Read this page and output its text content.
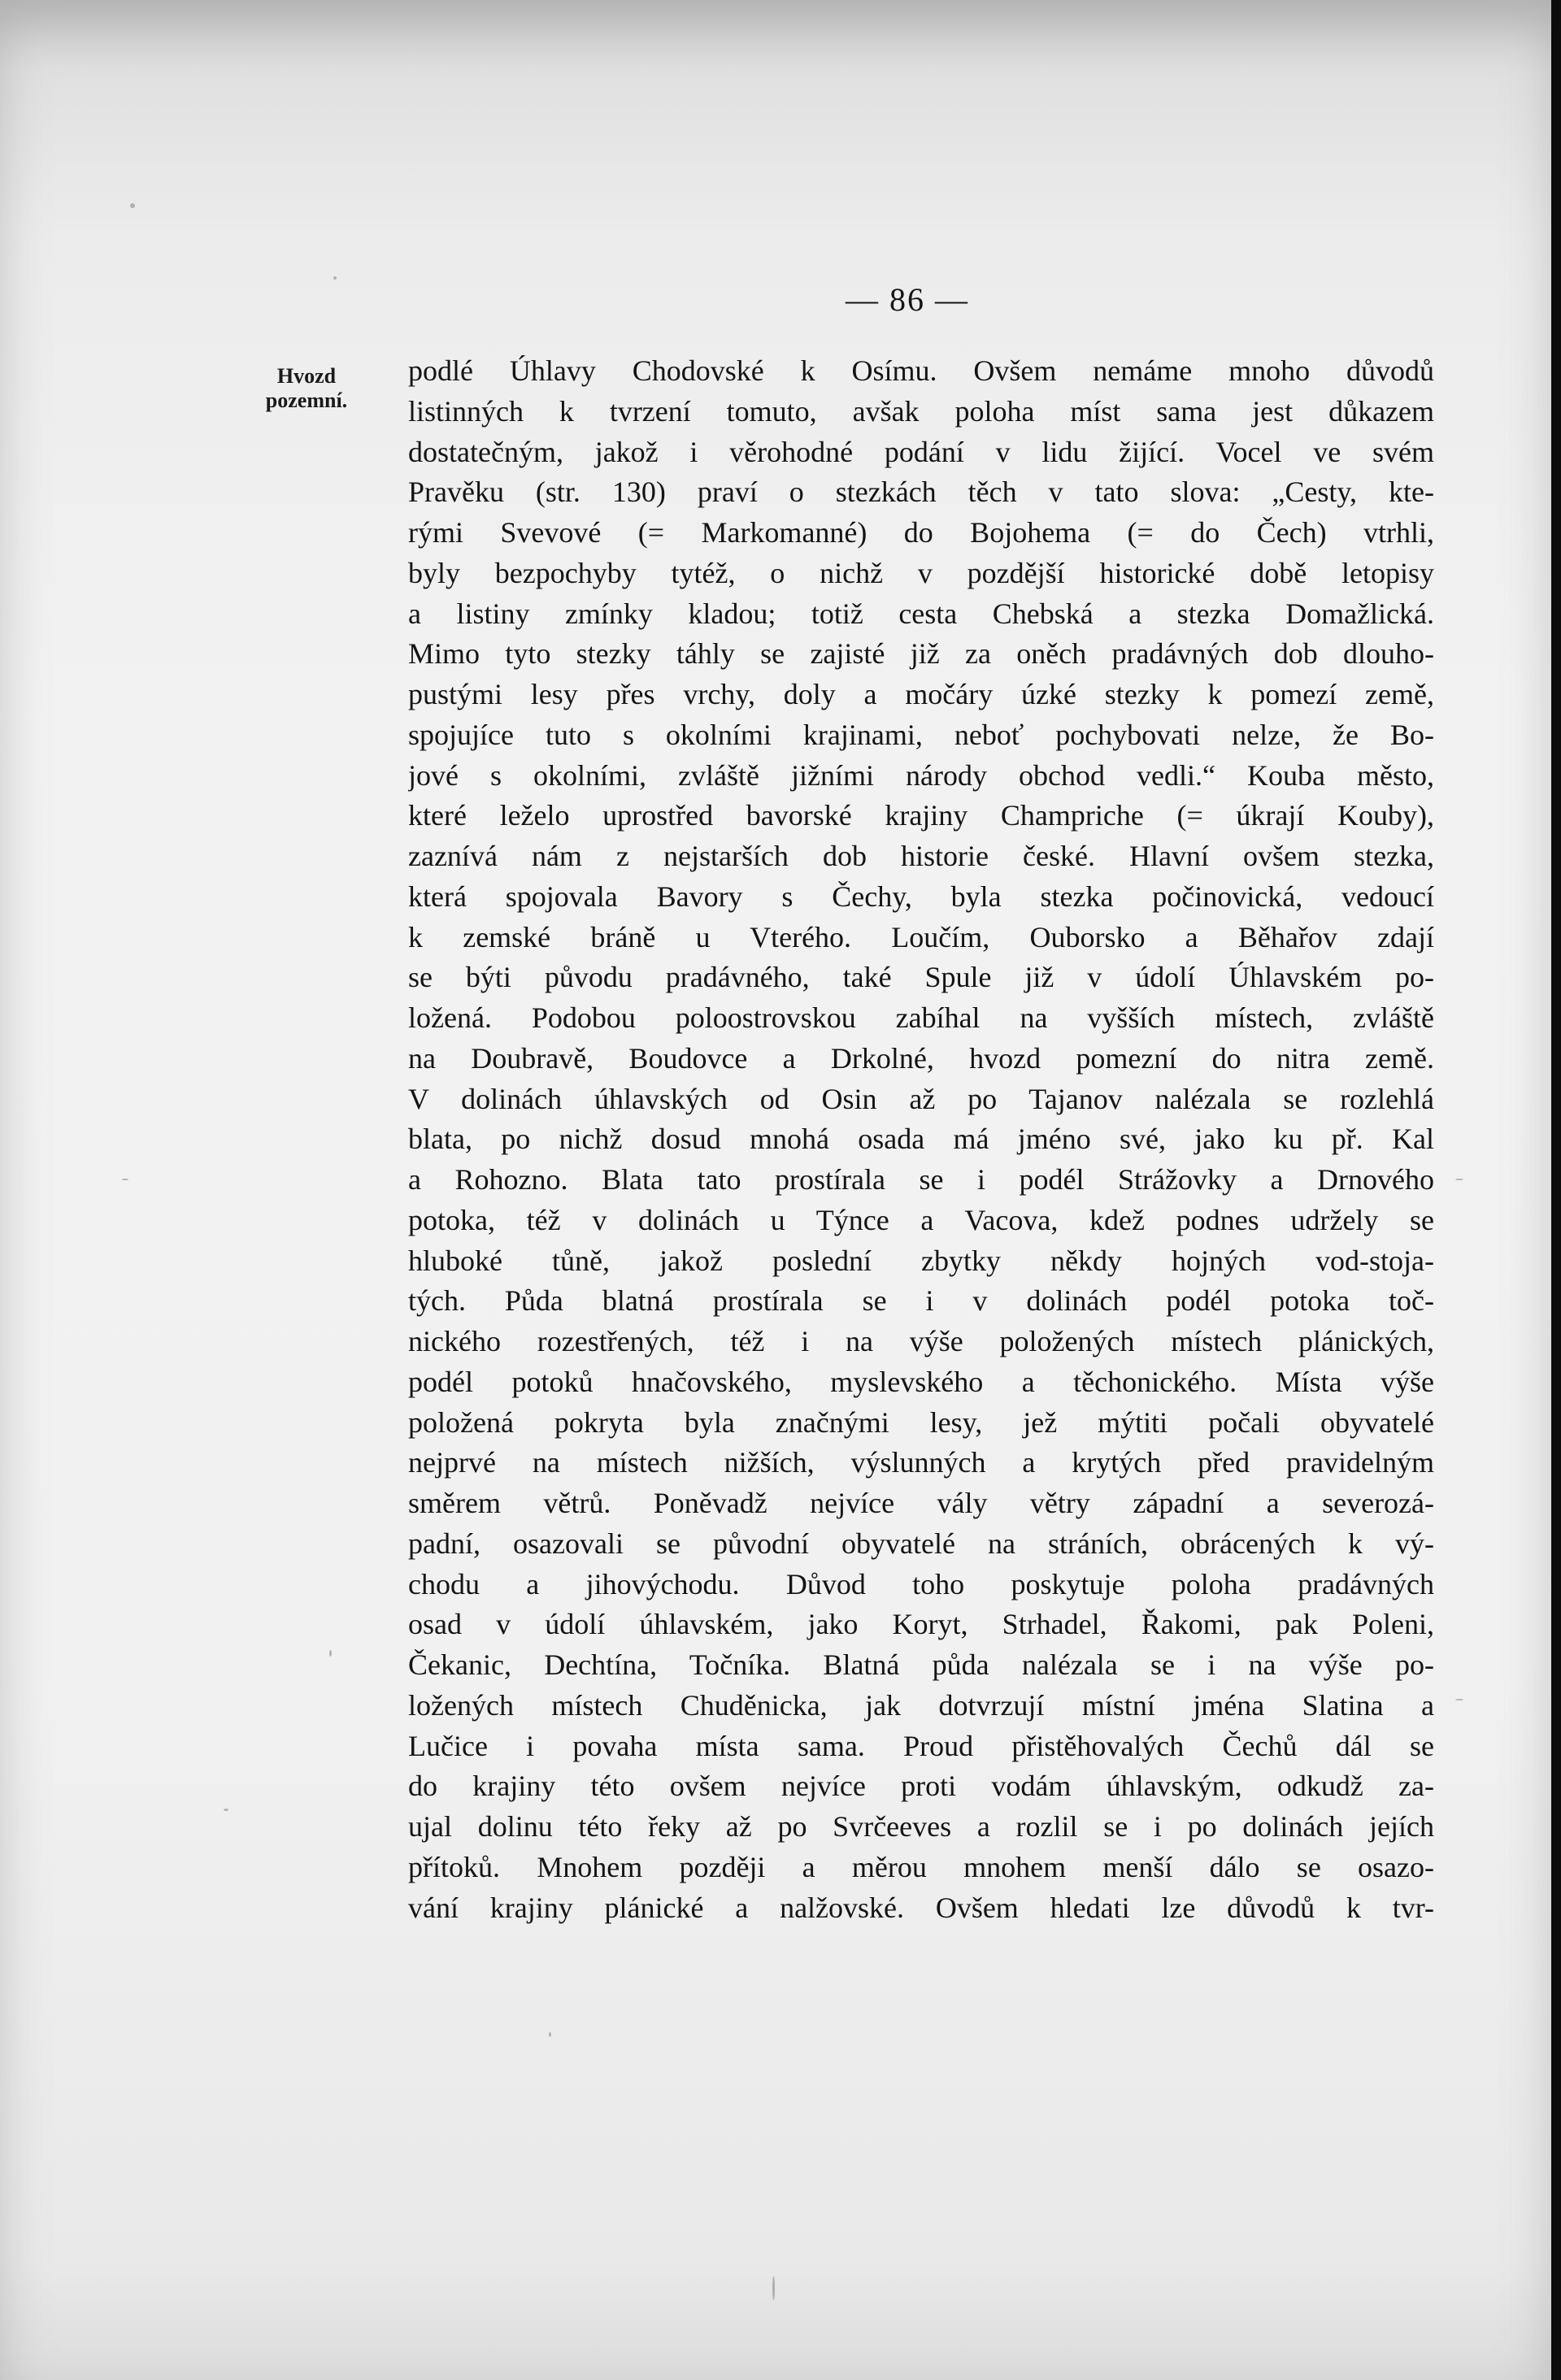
— 86 —
Hvozd
pozemní.
podlé Úhlavy Chodovské k Osímu. Ovšem nemáme mnoho důvodů
listinných k tvrzení tomuto, avšak poloha míst sama jest důkazem
dostatečným, jakož i věrohodné podání v lidu žijící. Vocel ve svém
Pravěku (str. 130) praví o stezkách těch v tato slova: „Cesty, kte-
rými Svevové (= Markomanné) do Bojohema (= do Čech) vtrhli,
byly bezpochyby tytéž, o nichž v pozdější historické době letopisy
a listiny zmínky kladou; totiž cesta Chebská a stezka Domažlická.
Mimo tyto stezky táhly se zajisté již za oněch pradávných dob dlouho-
pustými lesy přes vrchy, doly a močáry úzké stezky k pomezí země,
spojujíce tuto s okolními krajinami, neboť pochybovati nelze, že Bo-
jové s okolními, zvláště jižními národy obchod vedli.“ Kouba město,
které leželo uprostřed bavorské krajiny Champriche (= úkrají Kouby),
zaznívá nám z nejstarších dob historie české. Hlavní ovšem stezka,
která spojovala Bavory s Čechy, byla stezka počinovická, vedoucí
k zemské bráně u Vterého. Loučím, Ouborsko a Běhařov zdají
se býti původu pradávného, také Spule již v údolí Úhlavském po-
ložená. Podobou poloostrovskou zabíhal na vyšších místech, zvláště
na Doubravě, Boudovce a Drkolné, hvozd pomezní do nitra země.
V dolinách úhlavských od Osin až po Tajanov nalézala se rozlehlá
blata, po nichž dosud mnohá osada má jméno své, jako ku př. Kal
a Rohozno. Blata tato prostírala se i podél Strážovky a Drnového
potoka, též v dolinách u Týnce a Vacova, kdež podnes udržely se
hluboké tůně, jakož poslední zbytky někdy hojných vod-stoja-
tých. Půda blatná prostírala se i v dolinách podél potoka toč-
nického rozestřených, též i na výše položených místech plánických,
podél potoků hnačovského, myslevského a těchonického. Místa výše
položená pokryta byla značnými lesy, jež mýtiti počali obyvatelé
nejprvé na místech nižších, výslunných a krytých před pravidelným
směrem větrů. Poněvadž nejvíce vály větry západní a severozá-
padní, osazovali se původní obyvatelé na stráních, obrácených k vý-
chodu a jihovýchodu. Důvod toho poskytuje poloha pradávných
osad v údolí úhlavském, jako Koryt, Strhadel, Řakomi, pak Poleni,
Čekanic, Dechtína, Točníka. Blatná půda nalézala se i na výše po-
ložených místech Chuděnicka, jak dotvrzují místní jména Slatina a
Lučice i povaha místa sama. Proud přistěhovalých Čechů dál se
do krajiny této ovšem nejvíce proti vodám úhlavským, odkudž za-
ujal dolinu této řeky až po Svrčeeves a rozlil se i po dolinách jejích
přítoků. Mnohem později a měrou mnohem menší dálo se osazo-
vání krajiny plánické a nalžovské. Ovšem hledati lze důvodů k tvr-
